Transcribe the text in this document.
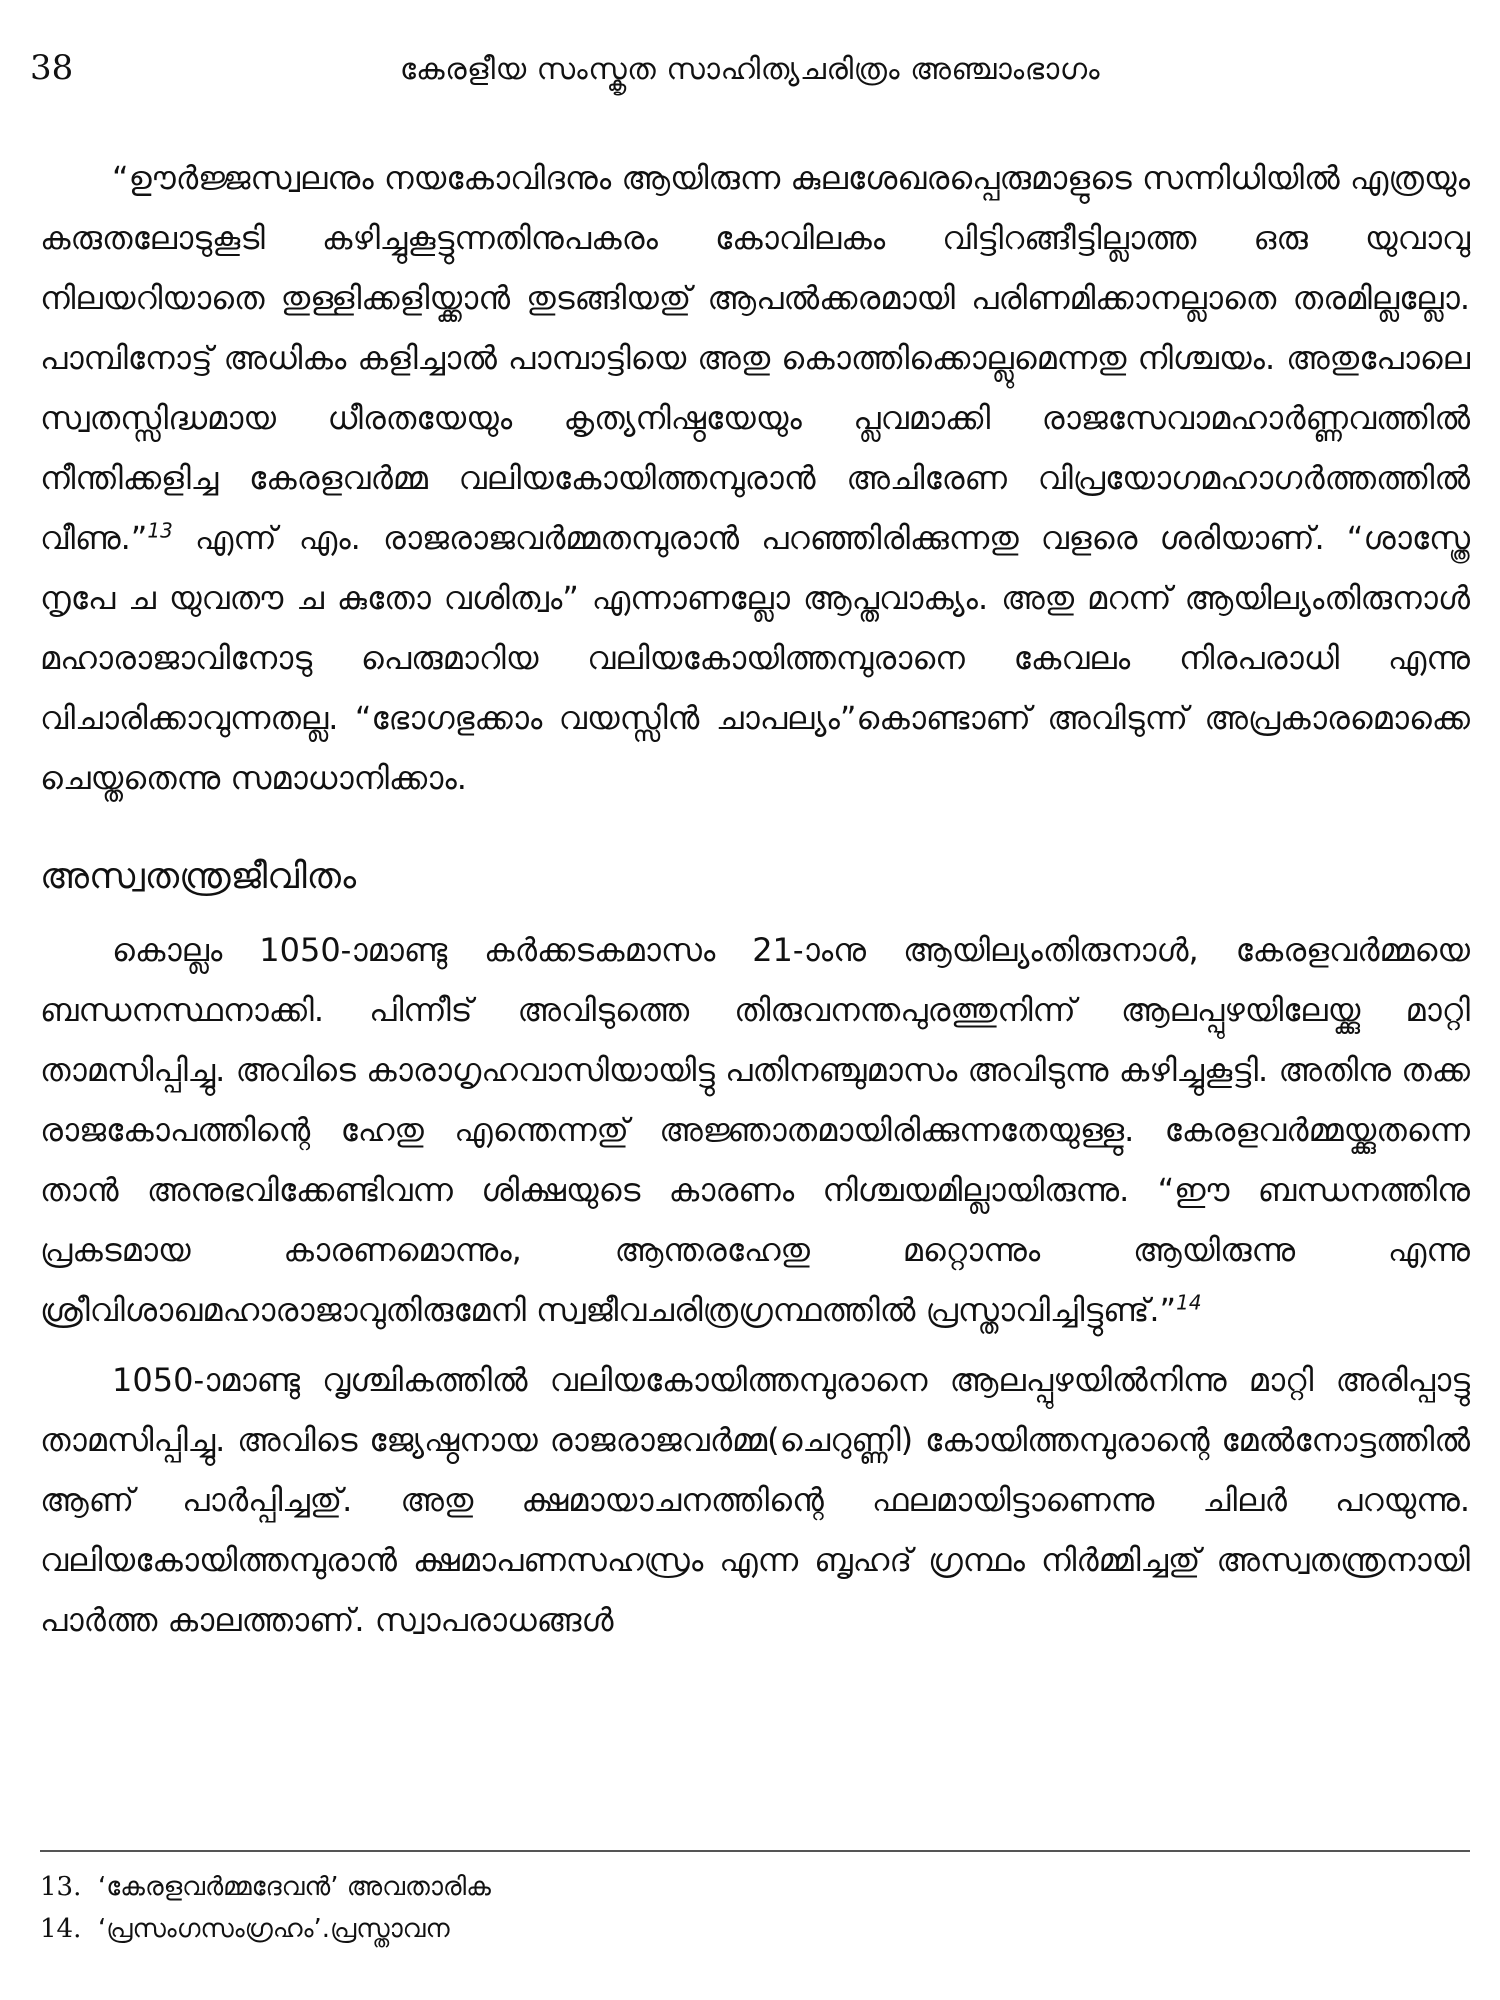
38	കേരളീയ സംസ്കൃത സാഹിത്യചരിത്രം അഞ്ചാംഭാഗം

“ഊർജ്ജസ്വലനും നയകോവിദനും ആയിരുന്ന കുലശേഖരപ്പെരുമാളുടെ സന്നിധിയിൽ എത്രയും കരുതലോടുകൂടി കഴിച്ചുകൂട്ടുന്നതിനുപകരം കോവിലകം വിട്ടിറങ്ങീട്ടില്ലാത്ത ഒരു യുവാവു നിലയറിയാതെ തുള്ളിക്കളിയ്ക്കാൻ തുടങ്ങിയതു് ആപൽക്കരമായി പരിണമിക്കാനല്ലാതെ തരമില്ലല്ലോ. പാമ്പിനോട്ട് അധികം കളിച്ചാൽ പാമ്പാട്ടിയെ അതു കൊത്തിക്കൊല്ലുമെന്നതു നിശ്ചയം. അതുപോലെ സ്വതസ്സിദ്ധമായ ധീരതയേയും കൃത്യനിഷ്ഠയേയും പ്ലവമാക്കി രാജസേവാമഹാർണ്ണവത്തിൽ നീന്തിക്കളിച്ച കേരളവർമ്മ വലിയകോയിത്തമ്പുരാൻ അചിരേണ വിപ്രയോഗമഹാഗർത്തത്തിൽ വീണു.”$^{13}$ എന്ന് എം. രാജരാജവർമ്മതമ്പുരാൻ പറഞ്ഞിരിക്കുന്നതു വളരെ ശരിയാണ്. “ശാസ്ത്രേ നൃപേ ച യുവതൗ ച കുതോ വശിത്വം” എന്നാണല്ലോ ആപ്തവാക്യം. അതു മറന്ന് ആയില്യംതിരുനാൾ മഹാരാജാവിനോടു പെരുമാറിയ വലിയകോയിത്തമ്പുരാനെ കേവലം നിരപരാധി എന്നു വിചാരിക്കാവുന്നതല്ല. “ഭോഗഭുക്കാം വയസ്സിൻ ചാപല്യം”കൊണ്ടാണ് അവിടുന്ന് അപ്രകാരമൊക്കെ ചെയ്തതെന്നു സമാധാനിക്കാം.

അസ്വതന്ത്രജീവിതം

കൊല്ലം 1050-ാമാണ്ടു കർക്കടകമാസം 21-ാംനു ആയില്യംതിരുനാൾ, കേരളവർമ്മയെ ബന്ധനസ്ഥനാക്കി. പിന്നീട് അവിടുത്തെ തിരുവനന്തപുരത്തുനിന്ന് ആലപ്പുഴയിലേയ്ക്കു മാറ്റി താമസിപ്പിച്ചു. അവിടെ കാരാഗൃഹവാസിയായിട്ടു പതിനഞ്ചുമാസം അവിടുന്നു കഴിച്ചുകൂട്ടി. അതിനു തക്ക രാജകോപത്തിന്റെ ഹേതു എന്തെന്നതു് അജ്ഞാതമായിരിക്കുന്നതേയുള്ളു. കേരളവർമ്മയ്ക്കുതന്നെ താൻ അനുഭവിക്കേണ്ടിവന്ന ശിക്ഷയുടെ കാരണം നിശ്ചയമില്ലായിരുന്നു. “ഈ ബന്ധനത്തിനു പ്രകടമായ കാരണമൊന്നും, ആന്തരഹേതു മറ്റൊന്നും ആയിരുന്നു എന്നു ശ്രീവിശാഖമഹാരാജാവുതിരുമേനി സ്വജീവചരിത്രഗ്രന്ഥത്തിൽ പ്രസ്താവിച്ചിട്ടുണ്ട്.”$^{14}$

1050-ാമാണ്ടു വൃശ്ചികത്തിൽ വലിയകോയിത്തമ്പുരാനെ ആലപ്പുഴയിൽനിന്നു മാറ്റി അരിപ്പാട്ടു താമസിപ്പിച്ചു. അവിടെ ജ്യേഷ്ഠനായ രാജരാജവർമ്മ(ചെറുണ്ണി) കോയിത്തമ്പുരാന്റെ മേൽനോട്ടത്തിൽ ആണ് പാർപ്പിച്ചതു്. അതു ക്ഷമായാചനത്തിന്റെ ഫലമായിട്ടാണെന്നു ചിലർ പറയുന്നു. വലിയകോയിത്തമ്പുരാൻ ക്ഷമാപണസഹസ്രം എന്ന ബൃഹദ് ഗ്രന്ഥം നിർമ്മിച്ചതു് അസ്വതന്ത്രനായി പാർത്ത കാലത്താണ്. സ്വാപരാധങ്ങൾ

13. ‘കേരളവർമ്മദേവൻ’ അവതാരിക
14. ‘പ്രസംഗസംഗ്രഹം’.പ്രസ്താവന
